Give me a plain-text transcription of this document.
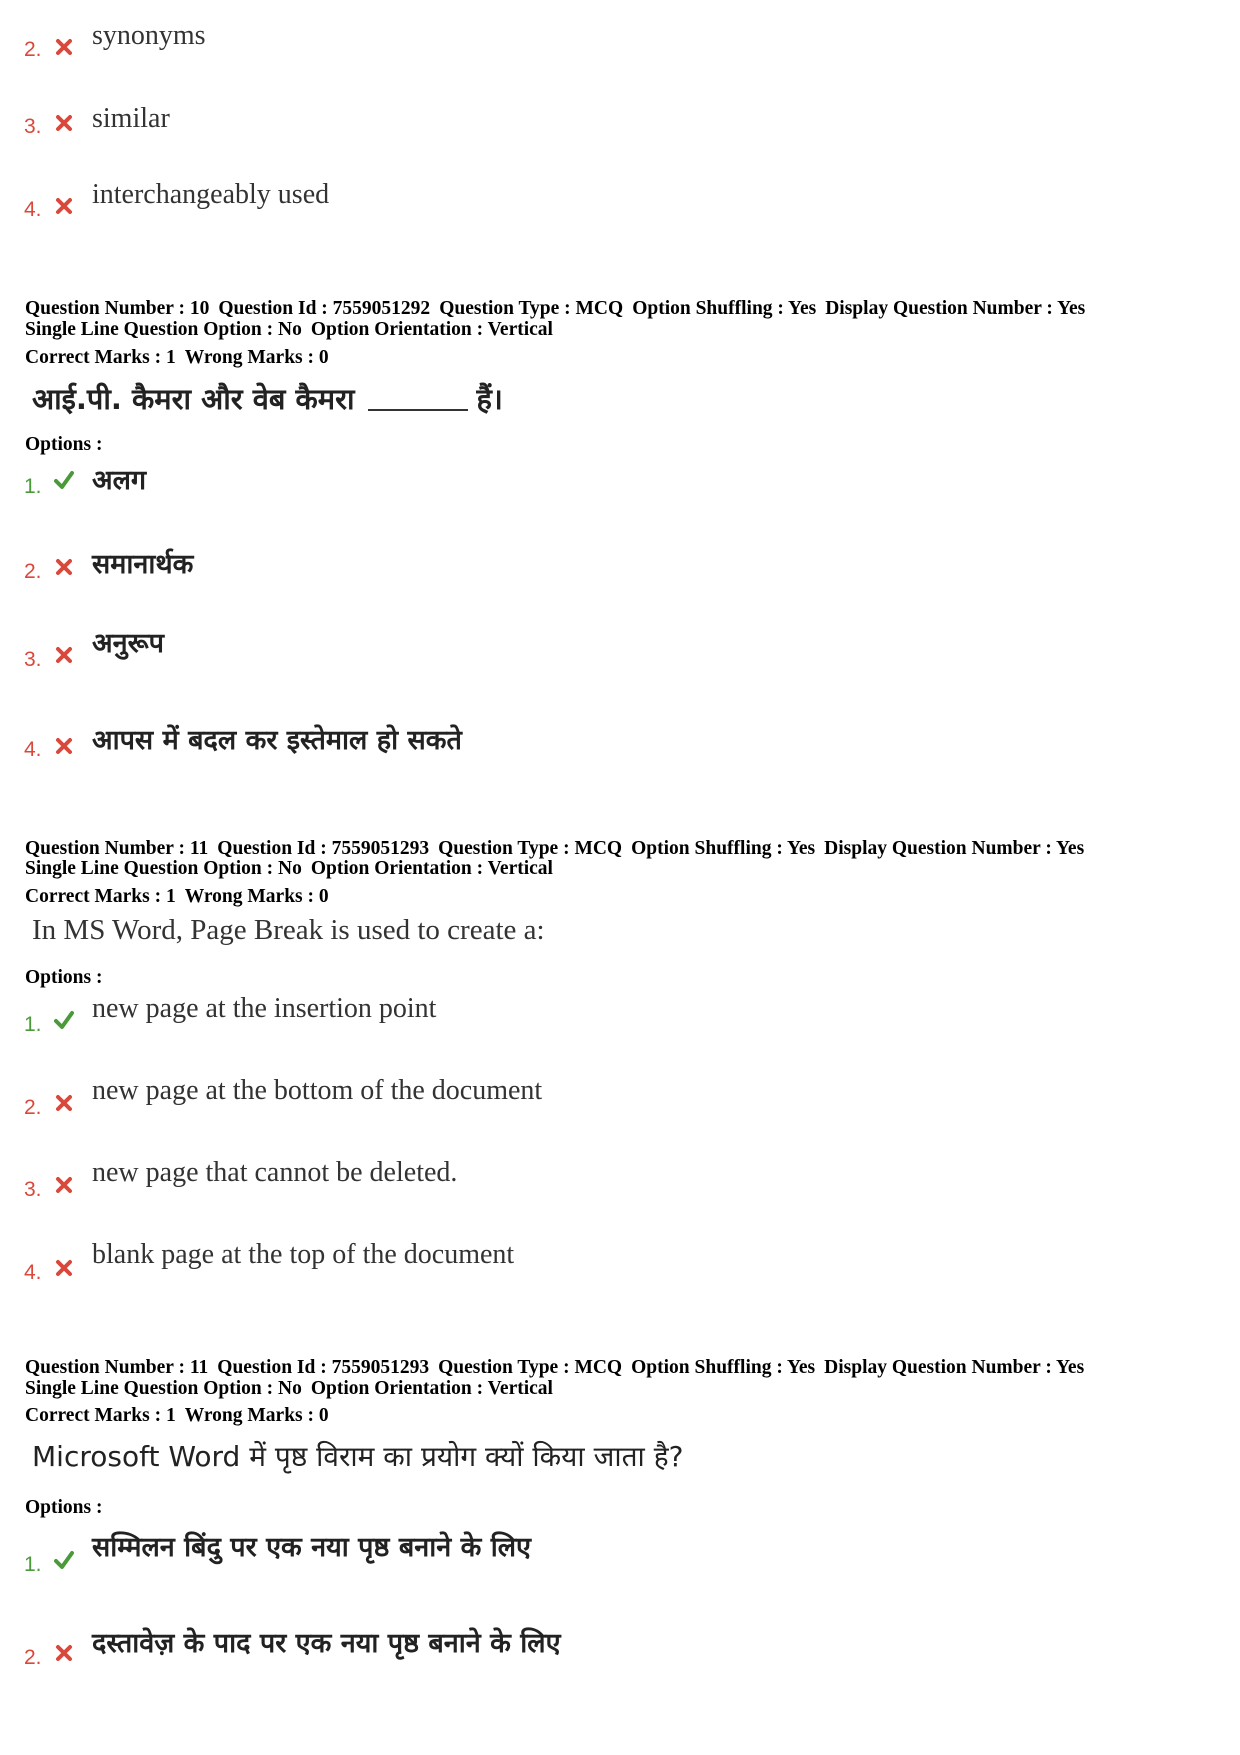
2. synonyms
3. similar
4. interchangeably used
Question Number : 10 Question Id : 7559051292 Question Type : MCQ Option Shuffling : Yes Display Question Number : Yes
Single Line Question Option : No Option Orientation : Vertical
Correct Marks : 1 Wrong Marks : 0
आई.पी. कैमरा और वेब कैमरा	हैं।
Options :
1. अलग
2. समानार्थक
3.
अनुरूप
4. आपस में बदल कर इस्तेमाल हो सकते
Question Number : 11 Question Id : 7559051293 Question Type : MCQ Option Shuffling : Yes Display Question Number : Yes
Single Line Question Option : No Option Orientation : Vertical
Correct Marks : 1 Wrong Marks : 0
In MS Word, Page Break is used to create a:
Options :
1.
new page at the insertion point
2.
new page at the bottom of the document
3.
new page that cannot be deleted.
4.
blank page at the top of the document
Question Number : 11 Question Id : 7559051293 Question Type : MCQ Option Shuffling : Yes Display Question Number : Yes
Single Line Question Option : No Option Orientation : Vertical
Correct Marks : 1 Wrong Marks : 0
Microsoft Word में पृष्ठ विराम का प्रयोग क्यों किया जाता है?
Options :
1.
सम्मिलन बिंदु पर एक नया पृष्ठ बनाने के लिए
2. दस्तावेज़ के पाद पर एक नया पृष्ठ बनाने के लिए
